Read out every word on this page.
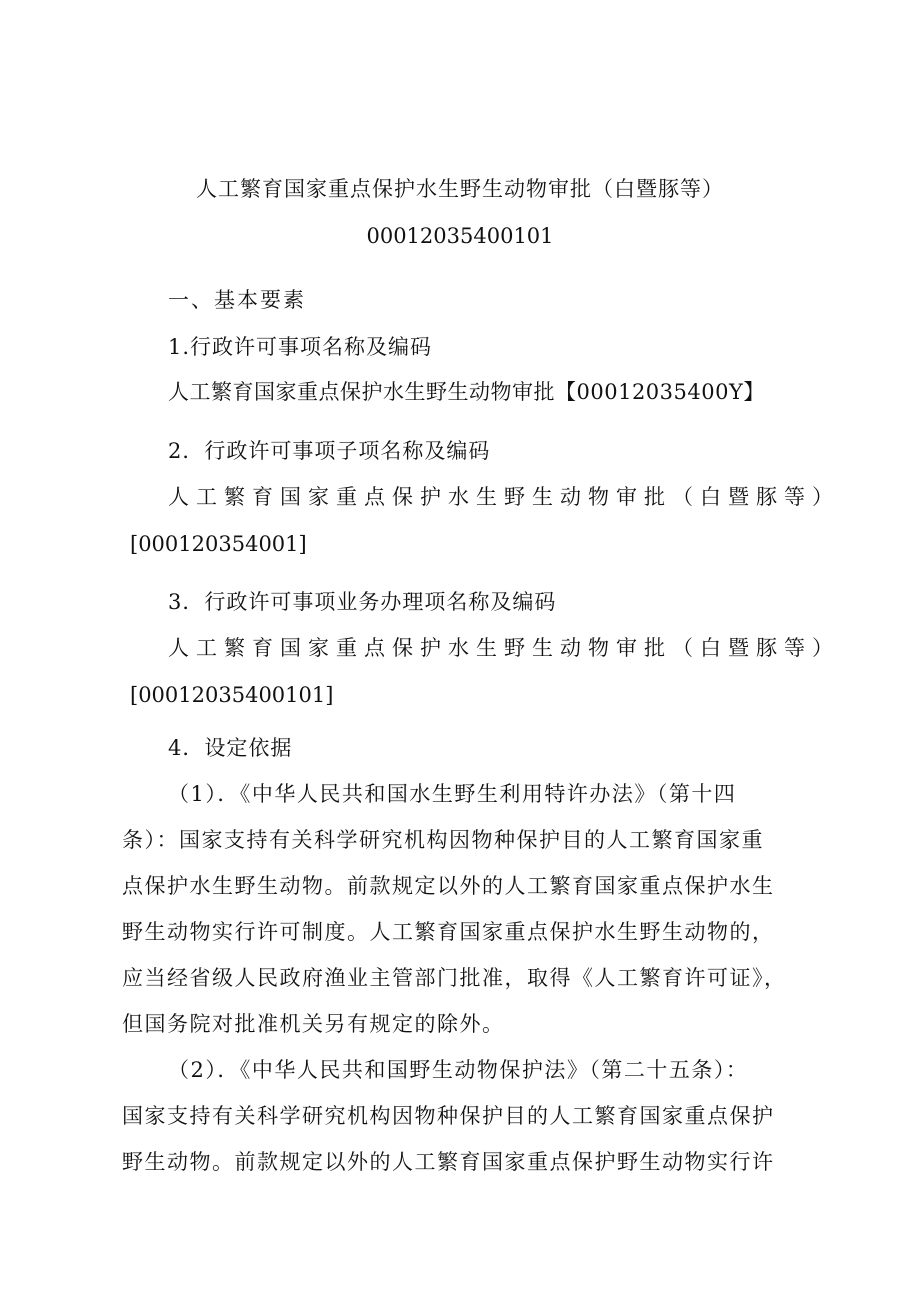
人工繁育国家重点保护水生野生动物审批（白暨豚等）
00012035400101
一、基本要素
1.行政许可事项名称及编码
人工繁育国家重点保护水生野生动物审批【00012035400Y】
2．行政许可事项子项名称及编码
人工繁育国家重点保护水生野生动物审批（白暨豚等）
[000120354001]
3．行政许可事项业务办理项名称及编码
人工繁育国家重点保护水生野生动物审批（白暨豚等）
[00012035400101]
4．设定依据
（1）．《中华人民共和国水生野生利用特许办法》（第十四
条）：国家支持有关科学研究机构因物种保护目的人工繁育国家重
点保护水生野生动物。前款规定以外的人工繁育国家重点保护水生
野生动物实行许可制度。人工繁育国家重点保护水生野生动物的，
应当经省级人民政府渔业主管部门批准，取得《人工繁育许可证》，
但国务院对批准机关另有规定的除外。
（2）．《中华人民共和国野生动物保护法》（第二十五条）：
国家支持有关科学研究机构因物种保护目的人工繁育国家重点保护
野生动物。前款规定以外的人工繁育国家重点保护野生动物实行许
